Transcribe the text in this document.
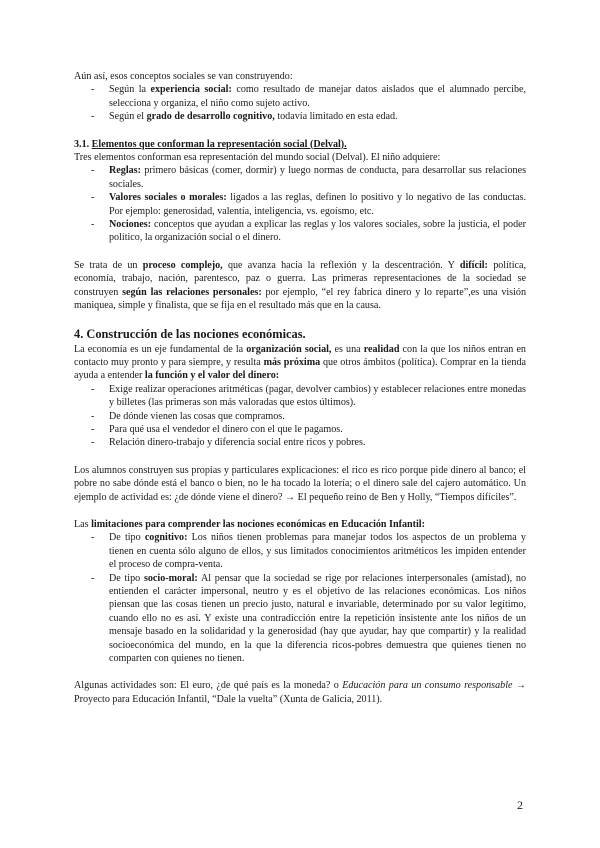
Aún así, esos conceptos sociales se van construyendo:

- Según la experiencia social: como resultado de manejar datos aislados que el alumnado percibe, selecciona y organiza, el niño como sujeto activo.
- Según el grado de desarrollo cognitivo, todavía limitado en esta edad.

3.1. Elementos que conforman la representación social (Delval).

Tres elementos conforman esa representación del mundo social (Delval). El niño adquiere:

- Reglas: primero básicas (comer, dormir) y luego normas de conducta, para desarrollar sus relaciones sociales.
- Valores sociales o morales: ligados a las reglas, definen lo positivo y lo negativo de las conductas. Por ejemplo: generosidad, valentía, inteligencia, vs. egoísmo, etc.
- Nociones: conceptos que ayudan a explicar las reglas y los valores sociales, sobre la justicia, el poder político, la organización social o el dinero.

Se trata de un proceso complejo, que avanza hacia la reflexión y la descentración. Y difícil: política, economía, trabajo, nación, parentesco, paz o guerra. Las primeras representaciones de la sociedad se construyen según las relaciones personales: por ejemplo, “el rey fabrica dinero y lo reparte”,es una visión maniquea, simple y finalista, que se fija en el resultado más que en la causa.

4. Construcción de las nociones económicas.

La economía es un eje fundamental de la organización social, es una realidad con la que los niños entran en contacto muy pronto y para siempre, y resulta más próxima que otros ámbitos (política). Comprar en la tienda ayuda a entender la función y el valor del dinero:

- Exige realizar operaciones aritméticas (pagar, devolver cambios) y establecer relaciones entre monedas y billetes (las primeras son más valoradas que estos últimos).
- De dónde vienen las cosas que compramos.
- Para qué usa el vendedor el dinero con el que le pagamos.
- Relación dinero-trabajo y diferencia social entre ricos y pobres.

Los alumnos construyen sus propias y particulares explicaciones: el rico es rico porque pide dinero al banco; el pobre no sabe dónde está el banco o bien, no le ha tocado la lotería; o el dinero sale del cajero automático. Un ejemplo de actividad es: ¿de dónde viene el dinero? → El pequeño reino de Ben y Holly, “Tiempos difíciles”.

Las limitaciones para comprender las nociones económicas en Educación Infantil:

- De tipo cognitivo: Los niños tienen problemas para manejar todos los aspectos de un problema y tienen en cuenta sólo alguno de ellos, y sus limitados conocimientos aritméticos les impiden entender el proceso de compra-venta.
- De tipo socio-moral: Al pensar que la sociedad se rige por relaciones interpersonales (amistad), no entienden el carácter impersonal, neutro y es el objetivo de las relaciones económicas. Los niños piensan que las cosas tienen un precio justo, natural e invariable, determinado por su valor legítimo, cuando ello no es así. Y existe una contradicción entre la repetición insistente ante los niños de un mensaje basado en la solidaridad y la generosidad (hay que ayudar, hay que compartir) y la realidad socioeconómica del mundo, en la que la diferencia ricos-pobres demuestra que quienes tienen no comparten con quienes no tienen.

Algunas actividades son: El euro, ¿de qué país es la moneda? o Educación para un consumo responsable → Proyecto para Educación Infantil, “Dale la vuelta” (Xunta de Galicia, 2011).

2
